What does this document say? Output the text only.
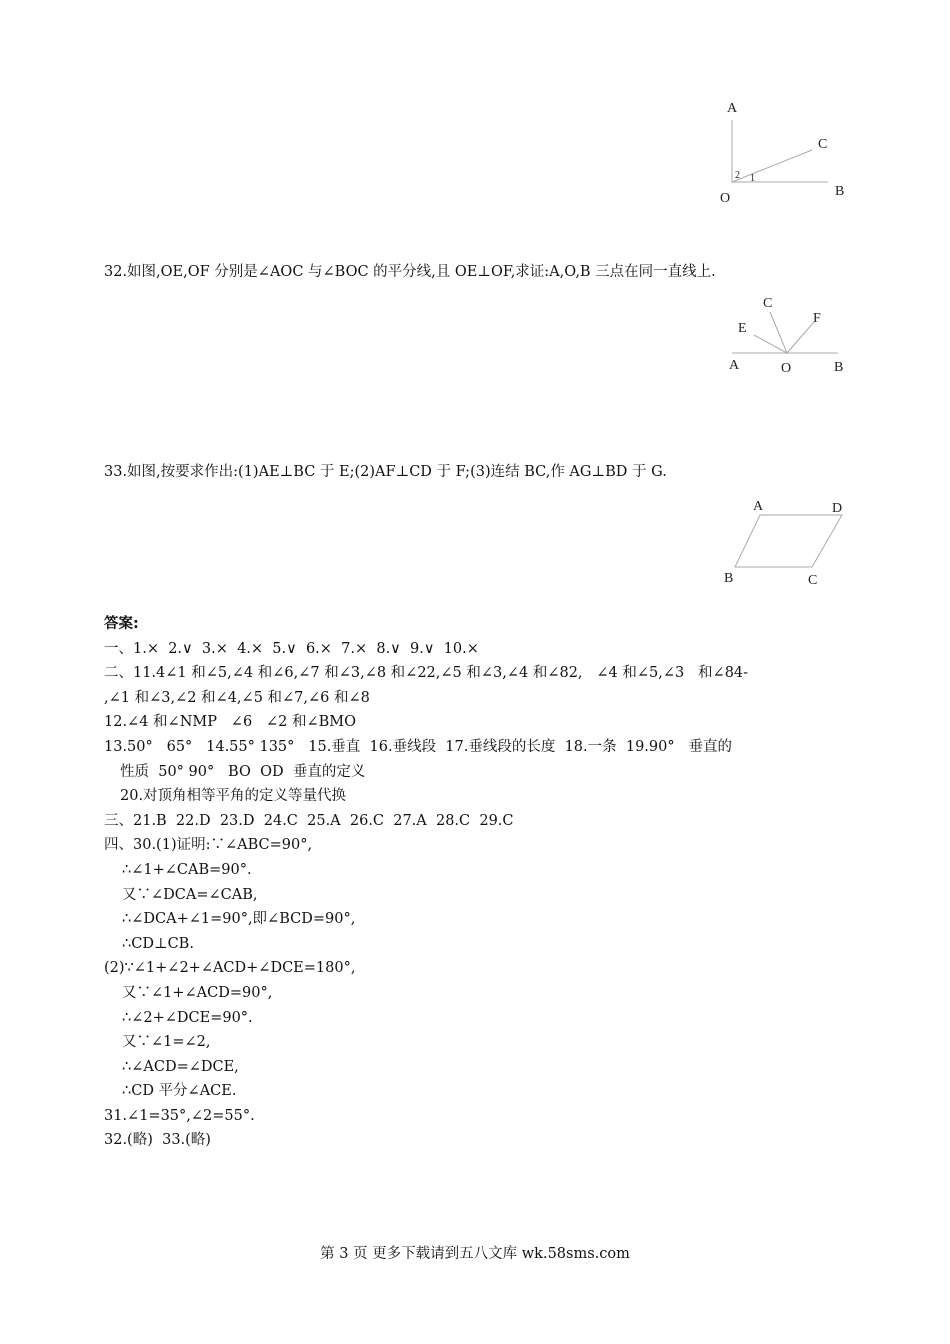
A
C
2 1
O	B

32.如图,OE,OF 分别是∠AOC 与∠BOC 的平分线,且 OE⊥OF,求证:A,O,B 三点在同一直线上.

C
E
F
A	O	B

33.如图,按要求作出:(1)AE⊥BC 于 E;(2)AF⊥CD 于 F;(3)连结 BC,作 AG⊥BD 于 G.

A	D
B	C

答案:

一、1.×  2.∨  3.×  4.×  5.∨  6.×  7.×  8.∨  9.∨  10.×

二、11.4∠1 和∠5,∠4 和∠6,∠7 和∠3,∠8 和∠22,∠5 和∠3,∠4 和∠82,   ∠4 和∠5,∠3   和∠84-

,∠1 和∠3,∠2 和∠4,∠5 和∠7,∠6 和∠8

12.∠4 和∠NMP   ∠6   ∠2 和∠BMO

13.50°   65°   14.55° 135°   15.垂直  16.垂线段  17.垂线段的长度  18.一条  19.90°   垂直的

性质  50° 90°   BO  OD  垂直的定义

20.对顶角相等平角的定义等量代换

三、21.B  22.D  23.D  24.C  25.A  26.C  27.A  28.C  29.C

四、30.(1)证明:∵∠ABC=90°,

∴∠1+∠CAB=90°.

又∵∠DCA=∠CAB,

∴∠DCA+∠1=90°,即∠BCD=90°,

∴CD⊥CB.

(2)∵∠1+∠2+∠ACD+∠DCE=180°,

又∵∠1+∠ACD=90°,

∴∠2+∠DCE=90°.

又∵∠1=∠2,

∴∠ACD=∠DCE,

∴CD 平分∠ACE.

31.∠1=35°,∠2=55°.

32.(略)  33.(略)

第 3 页 更多下载请到五八文库 wk.58sms.com
